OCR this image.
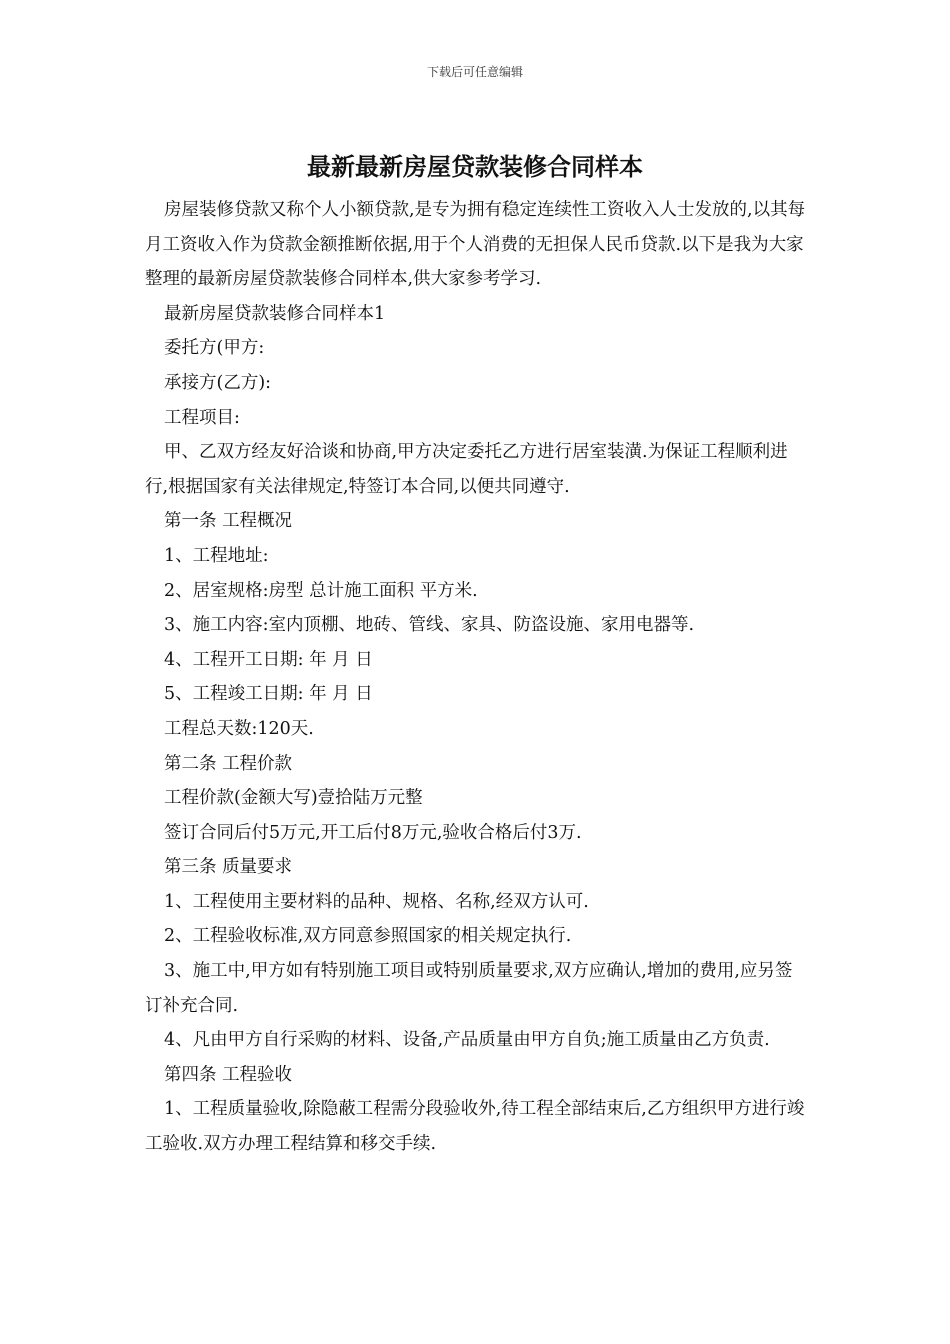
下载后可任意编辑
最新最新房屋贷款装修合同样本

房屋装修贷款又称个人小额贷款,是专为拥有稳定连续性工资收入人士发放的,以其每月工资收入作为贷款金额推断依据,用于个人消费的无担保人民币贷款.以下是我为大家整理的最新房屋贷款装修合同样本,供大家参考学习.

最新房屋贷款装修合同样本1

委托方(甲方:

承接方(乙方):

工程项目:

甲、乙双方经友好洽谈和协商,甲方决定委托乙方进行居室装潢.为保证工程顺利进行,根据国家有关法律规定,特签订本合同,以便共同遵守.

第一条 工程概况

1、工程地址:

2、居室规格:房型 总计施工面积 平方米.

3、施工内容:室内顶棚、地砖、管线、家具、防盗设施、家用电器等.

4、工程开工日期: 年 月 日

5、工程竣工日期: 年 月 日

工程总天数:120天.

第二条 工程价款

工程价款(金额大写)壹拾陆万元整

签订合同后付5万元,开工后付8万元,验收合格后付3万.

第三条 质量要求

1、工程使用主要材料的品种、规格、名称,经双方认可.

2、工程验收标准,双方同意参照国家的相关规定执行.

3、施工中,甲方如有特别施工项目或特别质量要求,双方应确认,增加的费用,应另签订补充合同.

4、凡由甲方自行采购的材料、设备,产品质量由甲方自负;施工质量由乙方负责.

第四条 工程验收

1、工程质量验收,除隐蔽工程需分段验收外,待工程全部结束后,乙方组织甲方进行竣工验收.双方办理工程结算和移交手续.
